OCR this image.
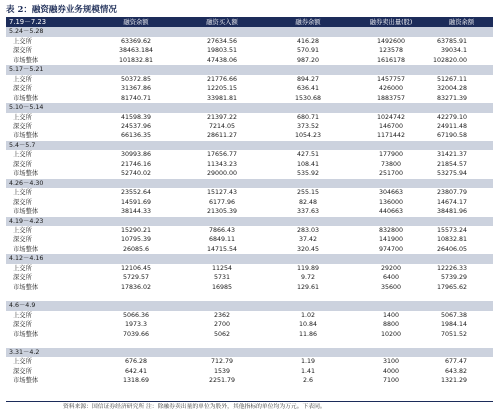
表 2：融资融券业务规模情况
7.19－7.23	融资余额	融资买入额	融券余额	融券卖出量(股)	融资余额
5.24－5.28					
上交所	63369.62	27634.56	416.28	1492600	63785.91
深交所	38463.184	19803.51	570.91	123578	39034.1
市场整体	101832.81	47438.06	987.20	1616178	102820.00
5.17－5.21					
上交所	50372.85	21776.66	894.27	1457757	51267.11
深交所	31367.86	12205.15	636.41	426000	32004.28
市场整体	81740.71	33981.81	1530.68	1883757	83271.39
5.10－5.14					
上交所	41598.39	21397.22	680.71	1024742	42279.10
深交所	24537.96	7214.05	373.52	146700	24911.48
市场整体	66136.35	28611.27	1054.23	1171442	67190.58
5.4－5.7					
上交所	30993.86	17656.77	427.51	177900	31421.37
深交所	21746.16	11343.23	108.41	73800	21854.57
市场整体	52740.02	29000.00	535.92	251700	53275.94
4.26－4.30					
上交所	23552.64	15127.43	255.15	304663	23807.79
深交所	14591.69	6177.96	82.48	136000	14674.17
市场整体	38144.33	21305.39	337.63	440663	38481.96
4.19－4.23					
上交所	15290.21	7866.43	283.03	832800	15573.24
深交所	10795.39	6849.11	37.42	141900	10832.81
市场整体	26085.6	14715.54	320.45	974700	26406.05
4.12－4.16					
上交所	12106.45	11254	119.89	29200	12226.33
深交所	5729.57	5731	9.72	6400	5739.29
市场整体	17836.02	16985	129.61	35600	17965.62

4.6－4.9					
上交所	5066.36	2362	1.02	1400	5067.38
深交所	1973.3	2700	10.84	8800	1984.14
市场整体	7039.66	5062	11.86	10200	7051.52

3.31－4.2					
上交所	676.28	712.79	1.19	3100	677.47
深交所	642.41	1539	1.41	4000	643.82
市场整体	1318.69	2251.79	2.6	7100	1321.29
资料来源：国信证券经济研究所 注：除融券卖出量的单位为股外，其他指标的单位均为万元。下表同。
